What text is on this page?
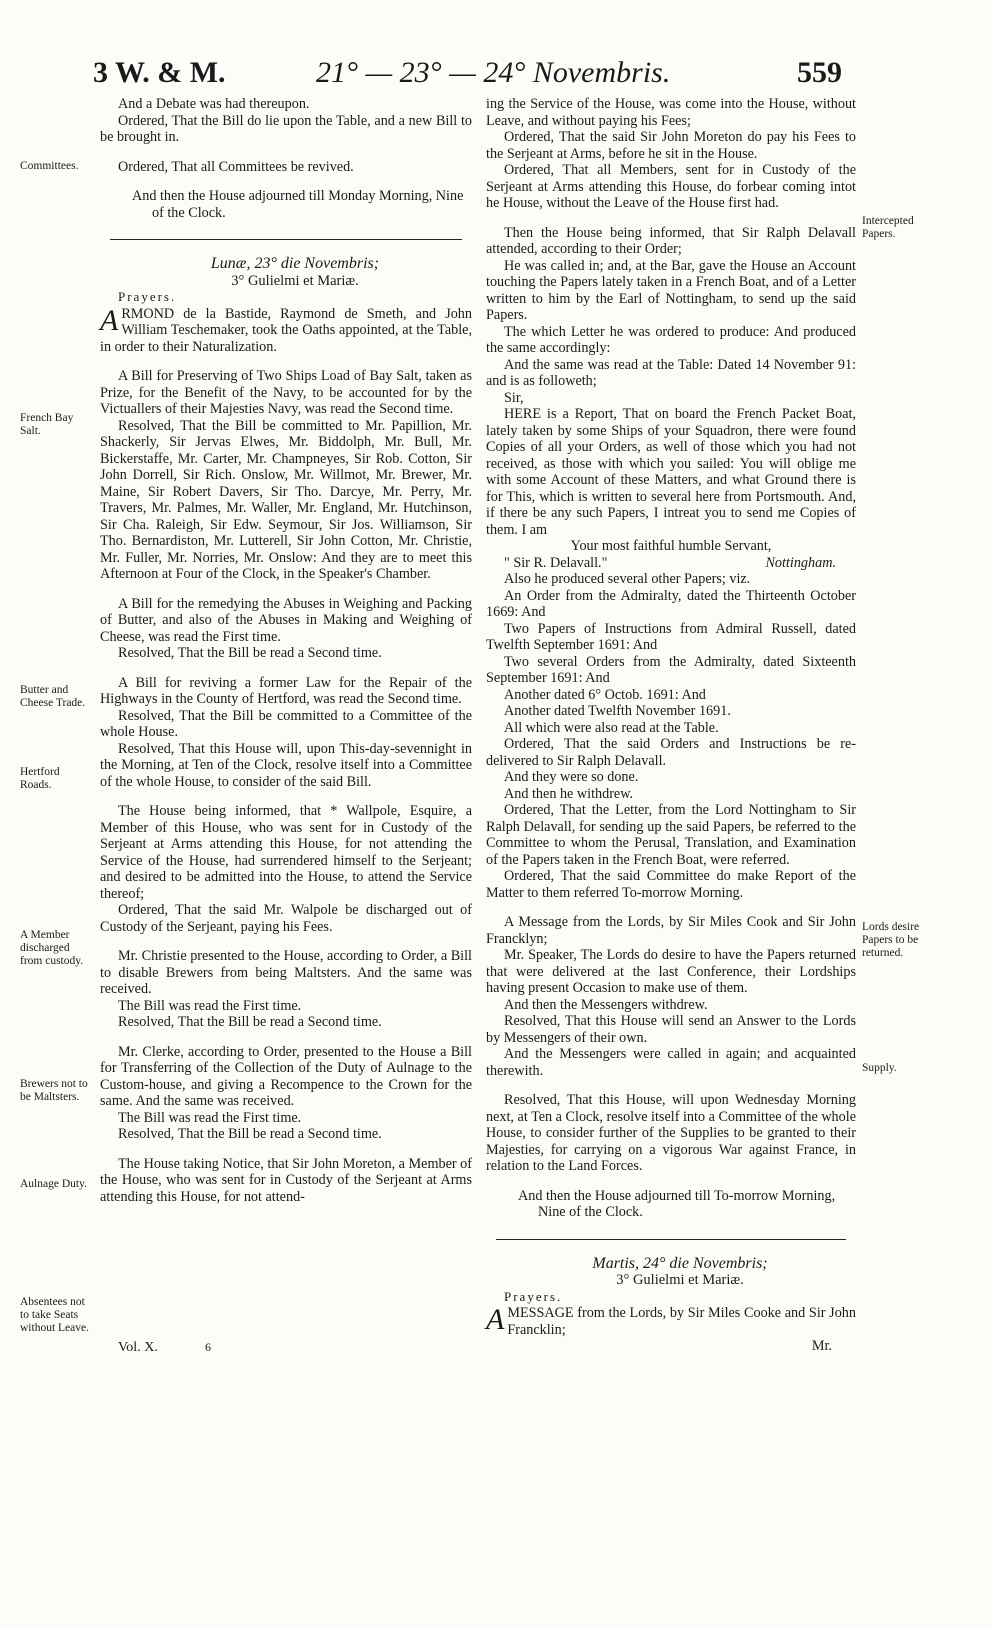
3 W. & M.	21° — 23° — 24° Novembris.	559
Committees.
French Bay Salt.
Butter and Cheese Trade.
Hertford Roads.
A Member discharged from custody.
Brewers not to be Maltsters.
Aulnage Duty.
Absentees not to take Seats without Leave.
Intercepted Papers.
Lords desire Papers to be returned.
Supply.

And a Debate was had thereupon.

Ordered, That the Bill do lie upon the Table, and a new Bill to be brought in.

Ordered, That all Committees be revived.

And then the House adjourned till Monday Morning, Nine of the Clock.

Lunæ, 23° die Novembris;

3° Gulielmi et Mariæ.

Prayers.

ARMOND de la Bastide, Raymond de Smeth, and John William Teschemaker, took the Oaths appointed, at the Table, in order to their Naturalization.

A Bill for Preserving of Two Ships Load of Bay Salt, taken as Prize, for the Benefit of the Navy, to be accounted for by the Victuallers of their Majesties Navy, was read the Second time.

Resolved, That the Bill be committed to Mr. Papillion, Mr. Shackerly, Sir Jervas Elwes, Mr. Biddolph, Mr. Bull, Mr. Bickerstaffe, Mr. Carter, Mr. Champneyes, Sir Rob. Cotton, Sir John Dorrell, Sir Rich. Onslow, Mr. Willmot, Mr. Brewer, Mr. Maine, Sir Robert Davers, Sir Tho. Darcye, Mr. Perry, Mr. Travers, Mr. Palmes, Mr. Waller, Mr. England, Mr. Hutchinson, Sir Cha. Raleigh, Sir Edw. Seymour, Sir Jos. Williamson, Sir Tho. Bernardiston, Mr. Lutterell, Sir John Cotton, Mr. Christie, Mr. Fuller, Mr. Norries, Mr. Onslow: And they are to meet this Afternoon at Four of the Clock, in the Speaker's Chamber.

A Bill for the remedying the Abuses in Weighing and Packing of Butter, and also of the Abuses in Making and Weighing of Cheese, was read the First time.

Resolved, That the Bill be read a Second time.

A Bill for reviving a former Law for the Repair of the Highways in the County of Hertford, was read the Second time.

Resolved, That the Bill be committed to a Committee of the whole House.

Resolved, That this House will, upon This-day-sevennight in the Morning, at Ten of the Clock, resolve itself into a Committee of the whole House, to consider of the said Bill.

The House being informed, that * Wallpole, Esquire, a Member of this House, who was sent for in Custody of the Serjeant at Arms attending this House, for not attending the Service of the House, had surrendered himself to the Serjeant; and desired to be admitted into the House, to attend the Service thereof;

Ordered, That the said Mr. Walpole be discharged out of Custody of the Serjeant, paying his Fees.

Mr. Christie presented to the House, according to Order, a Bill to disable Brewers from being Maltsters. And the same was received.

The Bill was read the First time.

Resolved, That the Bill be read a Second time.

Mr. Clerke, according to Order, presented to the House a Bill for Transferring of the Collection of the Duty of Aulnage to the Custom-house, and giving a Recompence to the Crown for the same. And the same was received.

The Bill was read the First time.

Resolved, That the Bill be read a Second time.

The House taking Notice, that Sir John Moreton, a Member of the House, who was sent for in Custody of the Serjeant at Arms attending this House, for not attend-

ing the Service of the House, was come into the House, without Leave, and without paying his Fees;

Ordered, That the said Sir John Moreton do pay his Fees to the Serjeant at Arms, before he sit in the House.

Ordered, That all Members, sent for in Custody of the Serjeant at Arms attending this House, do forbear coming intot he House, without the Leave of the House first had.

Then the House being informed, that Sir Ralph Delavall attended, according to their Order;

He was called in; and, at the Bar, gave the House an Account touching the Papers lately taken in a French Boat, and of a Letter written to him by the Earl of Nottingham, to send up the said Papers.

The which Letter he was ordered to produce: And produced the same accordingly:

And the same was read at the Table: Dated 14 November 91: and is as followeth;

Sir,

HERE is a Report, That on board the French Packet Boat, lately taken by some Ships of your Squadron, there were found Copies of all your Orders, as well of those which you had not received, as those with which you sailed: You will oblige me with some Account of these Matters, and what Ground there is for This, which is written to several here from Portsmouth. And, if there be any such Papers, I intreat you to send me Copies of them. I am

Your most faithful humble Servant,

" Sir R. Delavall."	Nottingham.

Also he produced several other Papers; viz.

An Order from the Admiralty, dated the Thirteenth October 1669: And

Two Papers of Instructions from Admiral Russell, dated Twelfth September 1691: And

Two several Orders from the Admiralty, dated Sixteenth September 1691: And

Another dated 6° Octob. 1691: And

Another dated Twelfth November 1691.

All which were also read at the Table.

Ordered, That the said Orders and Instructions be re-delivered to Sir Ralph Delavall.

And they were so done.

And then he withdrew.

Ordered, That the Letter, from the Lord Nottingham to Sir Ralph Delavall, for sending up the said Papers, be referred to the Committee to whom the Perusal, Translation, and Examination of the Papers taken in the French Boat, were referred.

Ordered, That the said Committee do make Report of the Matter to them referred To-morrow Morning.

A Message from the Lords, by Sir Miles Cook and Sir John Francklyn;

Mr. Speaker, The Lords do desire to have the Papers returned that were delivered at the last Conference, their Lordships having present Occasion to make use of them.

And then the Messengers withdrew.

Resolved, That this House will send an Answer to the Lords by Messengers of their own.

And the Messengers were called in again; and acquainted therewith.

Resolved, That this House, will upon Wednesday Morning next, at Ten a Clock, resolve itself into a Committee of the whole House, to consider further of the Supplies to be granted to their Majesties, for carrying on a vigorous War against France, in relation to the Land Forces.

And then the House adjourned till To-morrow Morning, Nine of the Clock.

Martis, 24° die Novembris;

3° Gulielmi et Mariæ.

Prayers.

AMESSAGE from the Lords, by Sir Miles Cooke and Sir John Francklin;

Mr.

Vol. X.	6
